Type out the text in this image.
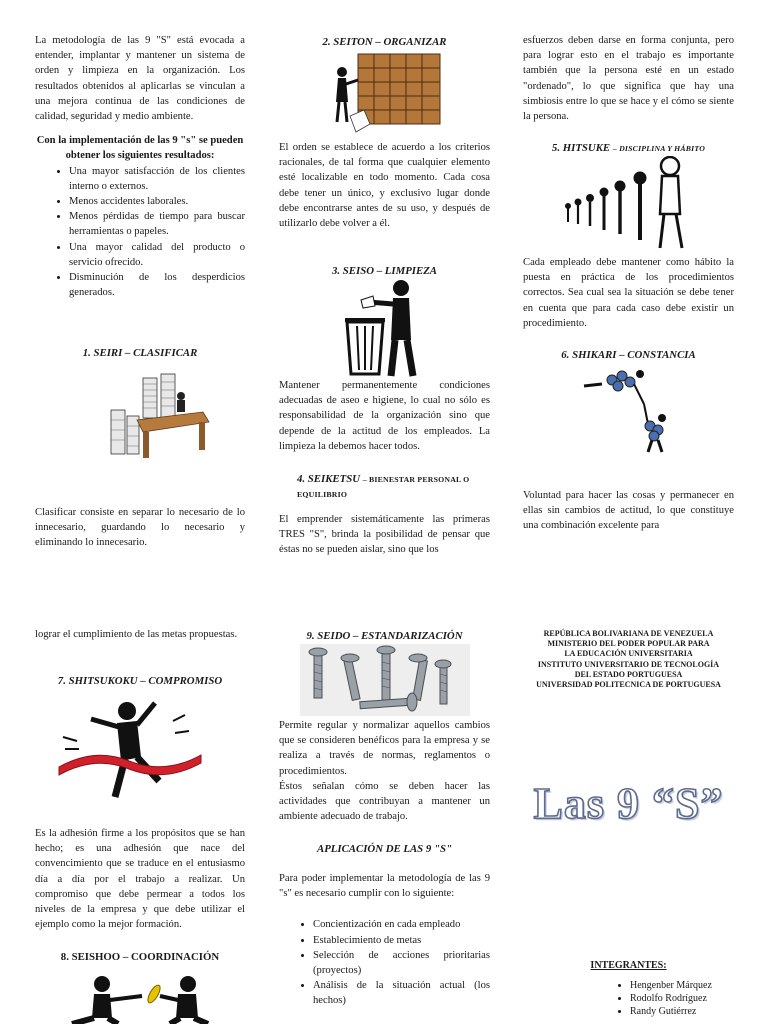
La metodología de las 9 "S" está evocada a entender, implantar y mantener un sistema de orden y limpieza en la organización. Los resultados obtenidos al aplicarlas se vinculan a una mejora continua de las condiciones de calidad, seguridad y medio ambiente.

Con la implementación de las 9 "s" se pueden obtener los siguientes resultados:

• Una mayor satisfacción de los clientes interno o externos.
• Menos accidentes laborales.
• Menos pérdidas de tiempo para buscar herramientas o papeles.
• Una mayor calidad del producto o servicio ofrecido.
• Disminución de los desperdicios generados.
1. SEIRI – CLASIFICAR

Clasificar consiste en separar lo necesario de lo innecesario, guardando lo necesario y eliminando lo innecesario.

2. SEITON – ORGANIZAR

El orden se establece de acuerdo a los criterios racionales, de tal forma que cualquier elemento esté localizable en todo momento. Cada cosa debe tener un único, y exclusivo lugar donde debe encontrarse antes de su uso, y después de utilizarlo debe volver a él.

3. SEISO – LIMPIEZA

Mantener permanentemente condiciones adecuadas de aseo e higiene, lo cual no sólo es responsabilidad de la organización sino que depende de la actitud de los empleados. La limpieza la debemos hacer todos.

4. SEIKETSU – BIENESTAR PERSONAL O EQUILIBRIO

El emprender sistemáticamente las primeras TRES "S", brinda la posibilidad de pensar que éstas no se pueden aislar, sino que los

esfuerzos deben darse en forma conjunta, pero para lograr esto en el trabajo es importante también que la persona esté en un estado "ordenado", lo que significa que hay una simbiosis entre lo que se hace y el cómo se siente la persona.

5. HITSUKE – DISCIPLINA Y HÁBITO

Cada empleado debe mantener como hábito la puesta en práctica de los procedimientos correctos. Sea cual sea la situación se debe tener en cuenta que para cada caso debe existir un procedimiento.

6. SHIKARI – CONSTANCIA

Voluntad para hacer las cosas y permanecer en ellas sin cambios de actitud, lo que constituye una combinación excelente para

lograr el cumplimiento de las metas propuestas.

7. SHITSUKOKU – COMPROMISO

Es la adhesión firme a los propósitos que se han hecho; es una adhesión que nace del convencimiento que se traduce en el entusiasmo día a día por el trabajo a realizar. Un compromiso que debe permear a todos los niveles de la empresa y que debe utilizar el ejemplo como la mejor formación.

8. SEISHOO – COORDINACIÓN
9. SEIDO – ESTANDARIZACIÓN

Permite regular y normalizar aquellos cambios que se consideren benéficos para la empresa y se realiza a través de normas, reglamentos o procedimientos.

Éstos señalan cómo se deben hacer las actividades que contribuyan a mantener un ambiente adecuado de trabajo.

APLICACIÓN DE LAS 9 "S"

Para poder implementar la metodología de las 9 "s" es necesario cumplir con lo siguiente:

• Concientización en cada empleado
• Establecimiento de metas
• Selección de acciones prioritarias (proyectos)
• Análisis de la situación actual (los hechos)
REPÚBLICA BOLIVARIANA DE VENEZUELA
MINISTERIO DEL PODER POPULAR PARA
LA EDUCACIÓN UNIVERSITARIA
INSTITUTO UNIVERSITARIO DE TECNOLOGÍA
DEL ESTADO PORTUGUESA
UNIVERSIDAD POLITECNICA DE PORTUGUESA
Las 9 “S”
INTEGRANTES:
• Hengenber Márquez
• Rodolfo Rodríguez
• Randy Gutiérrez
